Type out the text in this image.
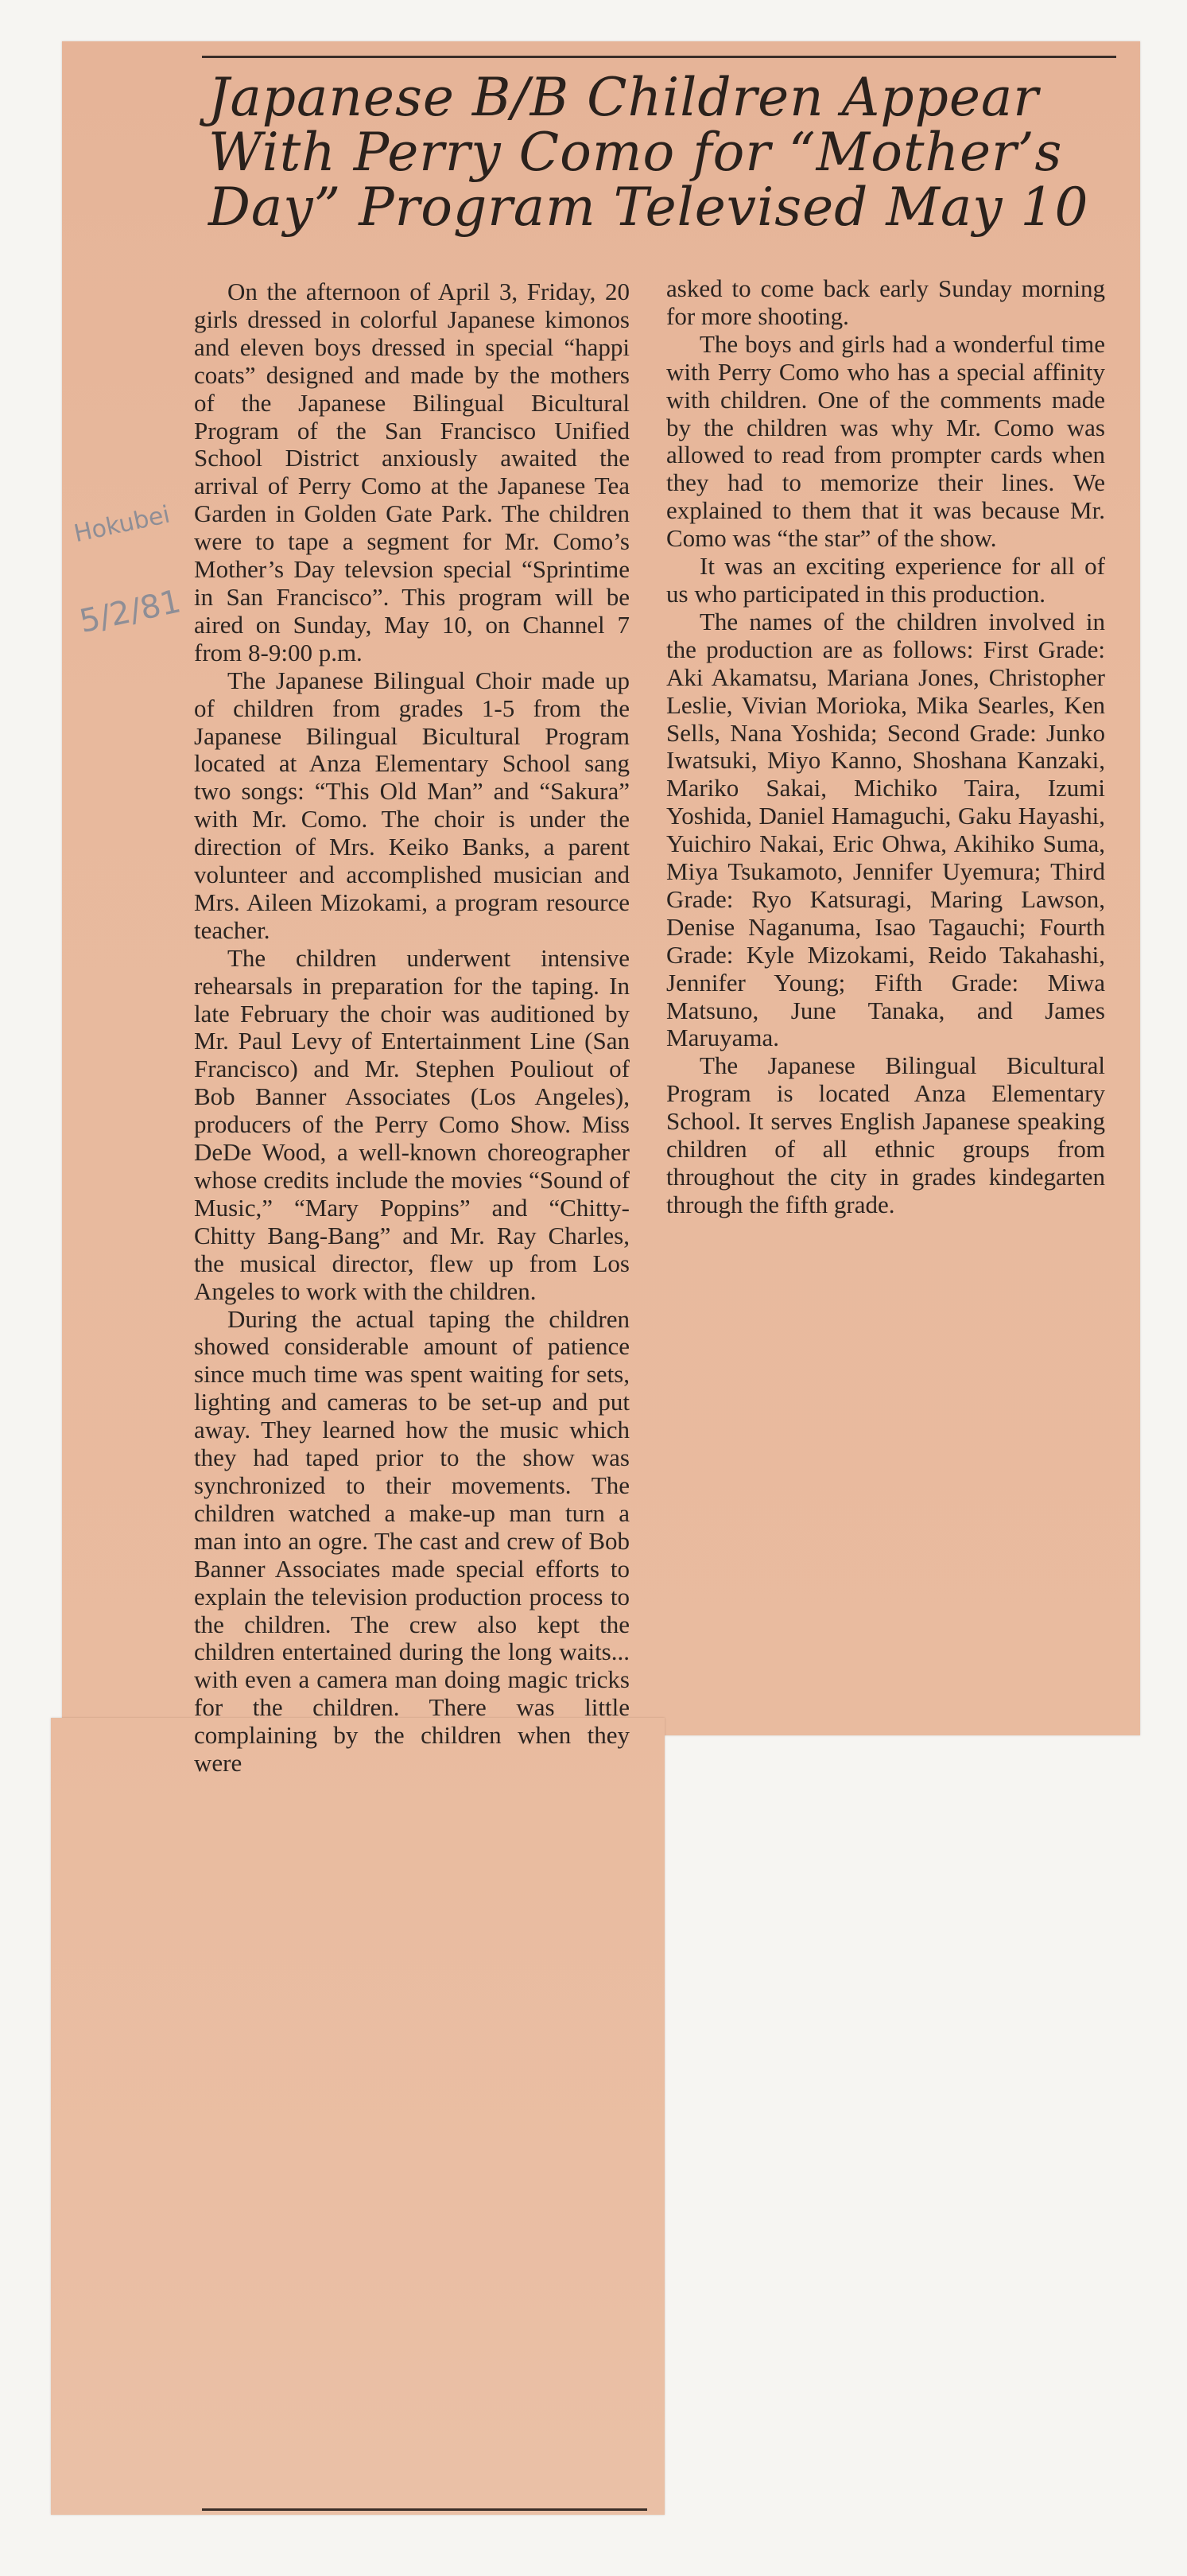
Japanese B/B Children Appear With Perry Como for “Mother’s Day” Program Televised May 10
Hokubei
5/2/81

On the afternoon of April 3, Friday, 20 girls dressed in colorful Japanese kimonos and eleven boys dressed in special “happi coats” designed and made by the mothers of the Japanese Bilingual Bicultural Program of the San Francisco Unified School District anxiously awaited the arrival of Perry Como at the Japanese Tea Garden in Golden Gate Park. The children were to tape a segment for Mr. Como’s Mother’s Day televsion special “Sprintime in San Francisco”. This program will be aired on Sunday, May 10, on Channel 7 from 8-9:00 p.m.

The Japanese Bilingual Choir made up of children from grades 1-5 from the Japanese Bilingual Bicultural Program located at Anza Elementary School sang two songs: “This Old Man” and “Sakura” with Mr. Como. The choir is under the direction of Mrs. Keiko Banks, a parent volunteer and accomplished musician and Mrs. Aileen Mizokami, a program resource teacher.

The children underwent intensive rehearsals in preparation for the taping. In late February the choir was auditioned by Mr. Paul Levy of Entertainment Line (San Francisco) and Mr. Stephen Pouliout of Bob Banner Associates (Los Angeles), producers of the Perry Como Show. Miss DeDe Wood, a well-known choreographer whose credits include the movies “Sound of Music,” “Mary Poppins” and “Chitty-Chitty Bang-Bang” and Mr. Ray Charles, the musical director, flew up from Los Angeles to work with the children.

During the actual taping the children showed considerable amount of patience since much time was spent waiting for sets, lighting and cameras to be set-up and put away. They learned how the music which they had taped prior to the show was synchronized to their movements. The children watched a make-up man turn a man into an ogre. The cast and crew of Bob Banner Associates made special efforts to explain the television production process to the children. The crew also kept the children entertained during the long waits... with even a camera man doing magic tricks for the children. There was little complaining by the children when they were

asked to come back early Sunday morning for more shooting.

The boys and girls had a wonderful time with Perry Como who has a special affinity with children. One of the comments made by the children was why Mr. Como was allowed to read from prompter cards when they had to memorize their lines. We explained to them that it was because Mr. Como was “the star” of the show.

It was an exciting experience for all of us who participated in this production.

The names of the children involved in the production are as follows: First Grade: Aki Akamatsu, Mariana Jones, Christopher Leslie, Vivian Morioka, Mika Searles, Ken Sells, Nana Yoshida; Second Grade: Junko Iwatsuki, Miyo Kanno, Shoshana Kanzaki, Mariko Sakai, Michiko Taira, Izumi Yoshida, Daniel Hamaguchi, Gaku Hayashi, Yuichiro Nakai, Eric Ohwa, Akihiko Suma, Miya Tsukamoto, Jennifer Uyemura; Third Grade: Ryo Katsuragi, Maring Lawson, Denise Naganuma, Isao Tagauchi; Fourth Grade: Kyle Mizokami, Reido Takahashi, Jennifer Young; Fifth Grade: Miwa Matsuno, June Tanaka, and James Maruyama.

The Japanese Bilingual Bicultural Program is located Anza Elementary School. It serves English Japanese speaking children of all ethnic groups from throughout the city in grades kindegarten through the fifth grade.
